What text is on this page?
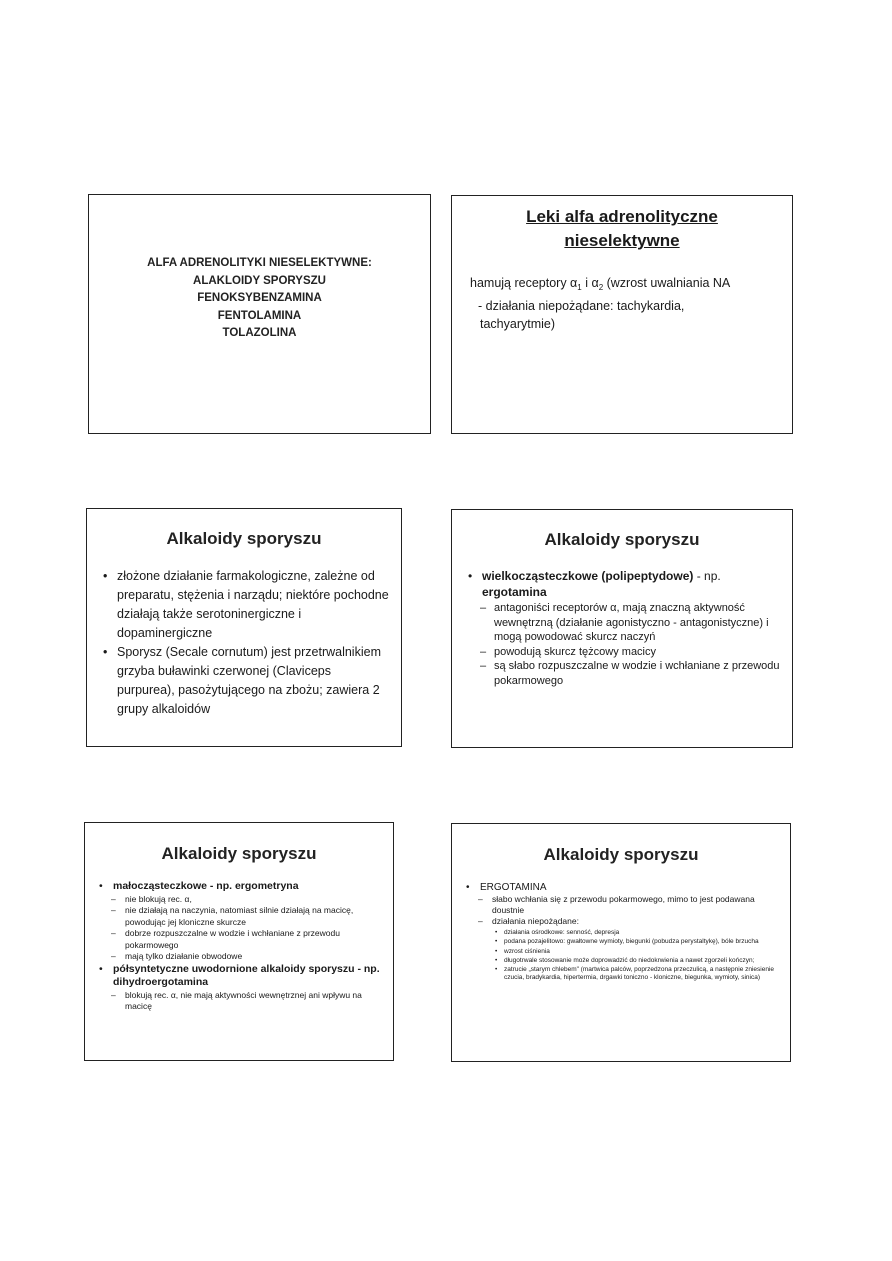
ALFA ADRENOLITYKI NIESELEKTYWNE:
ALAKLOIDY SPORYSZU
FENOKSYBENZAMINA
FENTOLAMINA
TOLAZOLINA
Leki alfa adrenolityczne
nieselektywne
hamują receptory $\alpha_1$ i $\alpha_2$ (wzrost uwalniania NA
- działania niepożądane: tachykardia,
tachyarytmie)
Alkaloidy sporyszu
• złożone działanie farmakologiczne, zależne od preparatu, stężenia i narządu; niektóre pochodne działają także serotoninergiczne i dopaminergiczne
• Sporysz (Secale cornutum) jest przetrwalnikiem grzyba buławinki czerwonej (Claviceps purpurea), pasożytującego na zbożu; zawiera 2 grupy alkaloidów
Alkaloidy sporyszu
• wielkocząsteczkowe (polipeptydowe) - np. ergotamina
– antagoniści receptorów α, mają znaczną aktywność wewnętrzną (działanie agonistyczno - antagonistyczne) i mogą powodować skurcz naczyń
– powodują skurcz tężcowy macicy
– są słabo rozpuszczalne w wodzie i wchłaniane z przewodu pokarmowego
Alkaloidy sporyszu
• małocząsteczkowe - np. ergometryna
– nie blokują rec. α,
– nie działają na naczynia, natomiast silnie działają na macicę, powodując jej kloniczne skurcze
– dobrze rozpuszczalne w wodzie i wchłaniane z przewodu pokarmowego
– mają tylko działanie obwodowe
• półsyntetyczne uwodornione alkaloidy sporyszu - np. dihydroergotamina
– blokują rec. α, nie mają aktywności wewnętrznej ani wpływu na macicę
Alkaloidy sporyszu
• ERGOTAMINA
– słabo wchłania się z przewodu pokarmowego, mimo to jest podawana doustnie
– działania niepożądane:
• działania ośrodkowe: senność, depresja
• podana pozajelitowo: gwałtowne wymioty, biegunki (pobudza perystaltykę), bóle brzucha
• wzrost ciśnienia
• długotrwale stosowanie może doprowadzić do niedokrwienia a nawet zgorzeli kończyn;
• zatrucie „starym chlebem" (martwica palców, poprzedzona przeczulicą, a następnie zniesienie czucia, bradykardia, hipertermia, drgawki toniczno - kloniczne, biegunka, wymioty, sinica)
